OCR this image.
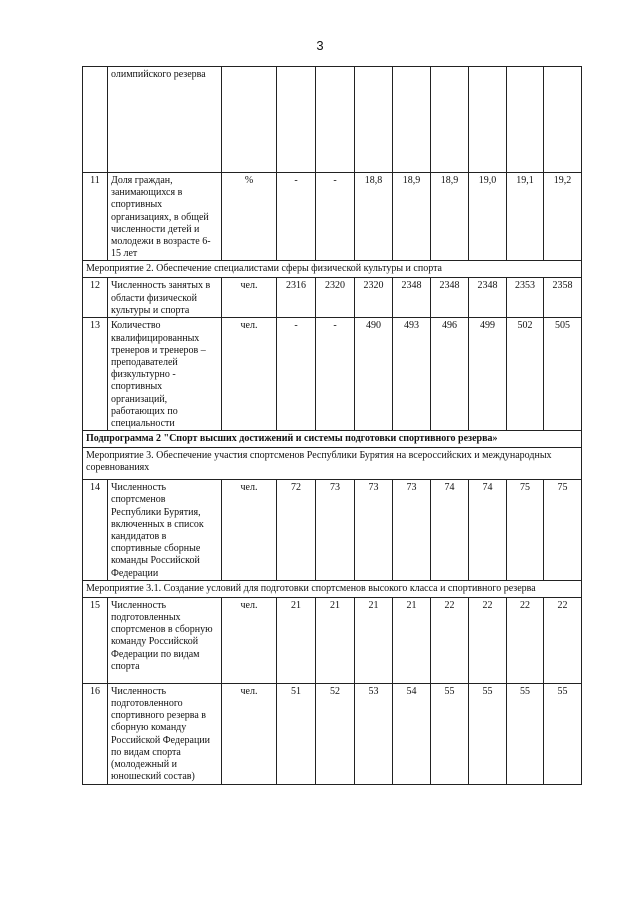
3
	олимпийского резерва									
11	Доля граждан, занимающихся в спортивных организациях, в общей численности детей и молодежи в возрасте 6-15 лет	%	-	-	18,8	18,9	18,9	19,0	19,1	19,2
Мероприятие 2. Обеспечение специалистами сферы физической культуры и спорта										
12	Численность занятых в области физической культуры и спорта	чел.	2316	2320	2320	2348	2348	2348	2353	2358
13	Количество квалифицированных тренеров и тренеров – преподавателей физкультурно - спортивных организаций, работающих по специальности	чел.	-	-	490	493	496	499	502	505
Подпрограмма 2 "Спорт высших достижений и системы подготовки спортивного резерва»										
Мероприятие 3. Обеспечение участия спортсменов Республики Бурятия на всероссийских и международных соревнованиях										
14	Численность спортсменов Республики Бурятия, включенных в список кандидатов в спортивные сборные команды Российской Федерации	чел.	72	73	73	73	74	74	75	75
Мероприятие 3.1. Создание условий для подготовки спортсменов высокого класса и спортивного резерва										
15	Численность подготовленных спортсменов в сборную команду Российской Федерации по видам спорта	чел.	21	21	21	21	22	22	22	22
16	Численность подготовленного спортивного резерва в сборную команду Российской Федерации по видам спорта (молодежный и юношеский состав)	чел.	51	52	53	54	55	55	55	55
